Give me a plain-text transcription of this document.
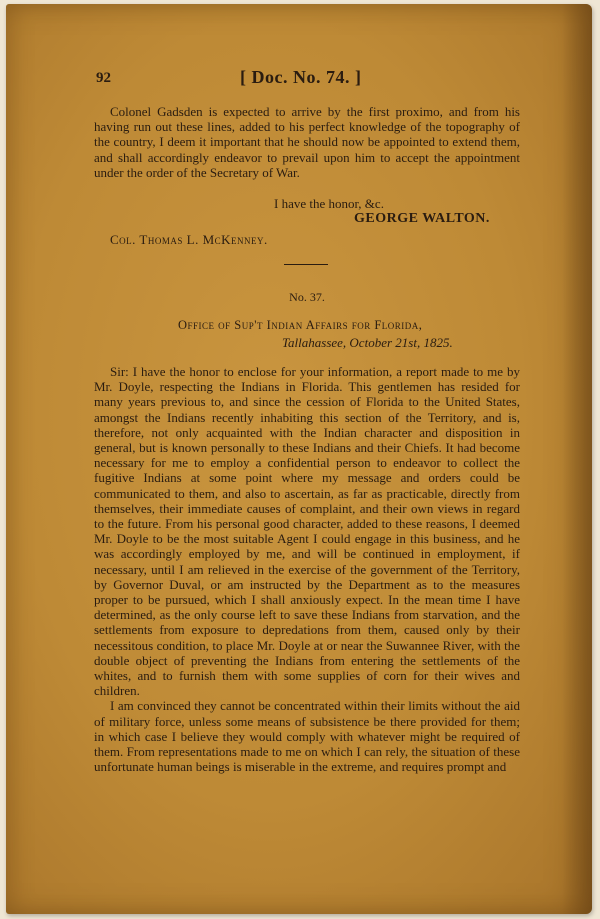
92	[ Doc. No. 74. ]

Colonel Gadsden is expected to arrive by the first proximo, and from his having run out these lines, added to his perfect knowledge of the topography of the country, I deem it important that he should now be appointed to extend them, and shall accordingly endeavor to prevail upon him to accept the appointment under the order of the Secretary of War.

I have the honor, &c.
GEORGE WALTON.
Col. Thomas L. McKenney.
No. 37.
Office of Sup't Indian Affairs for Florida,
Tallahassee, October 21st, 1825.

Sir: I have the honor to enclose for your information, a report made to me by Mr. Doyle, respecting the Indians in Florida. This gentlemen has resided for many years previous to, and since the cession of Florida to the United States, amongst the Indians recently inhabiting this section of the Territory, and is, therefore, not only acquainted with the Indian character and disposition in general, but is known personally to these Indians and their Chiefs. It had become necessary for me to employ a confidential person to endeavor to collect the fugitive Indians at some point where my message and orders could be communicated to them, and also to ascertain, as far as practicable, directly from themselves, their immediate causes of complaint, and their own views in regard to the future. From his personal good character, added to these reasons, I deemed Mr. Doyle to be the most suitable Agent I could engage in this business, and he was accordingly employed by me, and will be continued in employment, if necessary, until I am relieved in the exercise of the government of the Territory, by Governor Duval, or am instructed by the Department as to the measures proper to be pursued, which I shall anxiously expect. In the mean time I have determined, as the only course left to save these Indians from starvation, and the settlements from exposure to depredations from them, caused only by their necessitous condition, to place Mr. Doyle at or near the Suwannee River, with the double object of preventing the Indians from entering the settlements of the whites, and to furnish them with some supplies of corn for their wives and children.

I am convinced they cannot be concentrated within their limits without the aid of military force, unless some means of subsistence be there provided for them; in which case I believe they would comply with whatever might be required of them. From representations made to me on which I can rely, the situation of these unfortunate human beings is miserable in the extreme, and requires prompt and
